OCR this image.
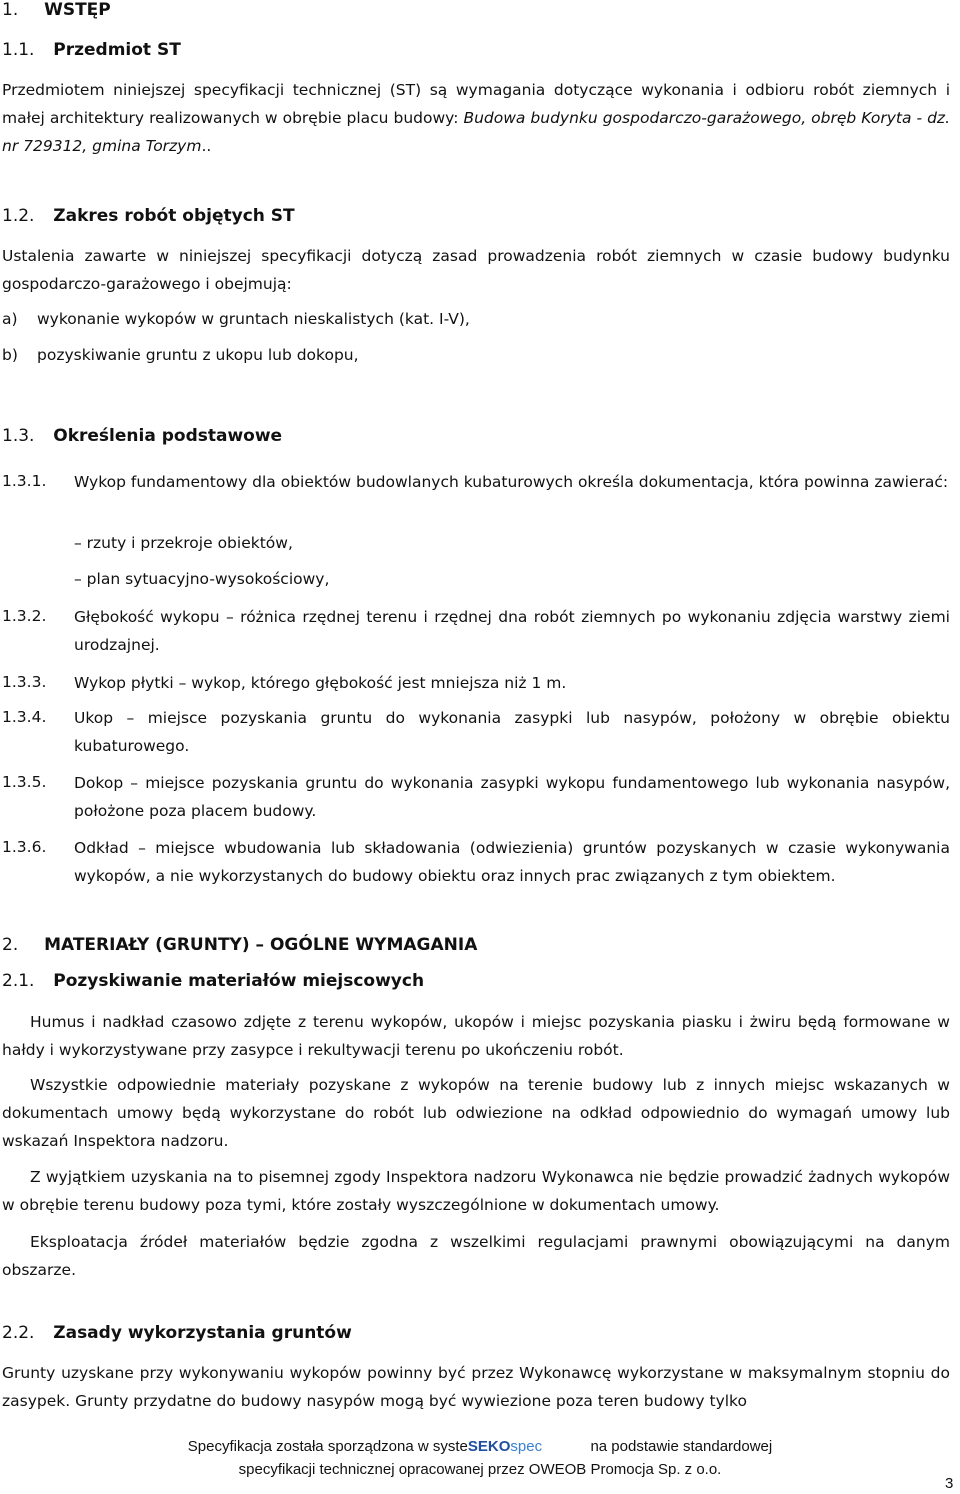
1. WSTĘP
1.1. Przedmiot ST
Przedmiotem niniejszej specyfikacji technicznej (ST) są wymagania dotyczące wykonania i odbioru robót ziemnych i małej architektury realizowanych w obrębie placu budowy: Budowa budynku gospodarczo-garażowego, obręb Koryta - dz. nr 729312, gmina Torzym..
1.2. Zakres robót objętych ST
Ustalenia zawarte w niniejszej specyfikacji dotyczą zasad prowadzenia robót ziemnych w czasie budowy budynku gospodarczo-garażowego i obejmują:
a) wykonanie wykopów w gruntach nieskalistych (kat. I-V),
b) pozyskiwanie gruntu z ukopu lub dokopu,
1.3. Określenia podstawowe
1.3.1. Wykop fundamentowy dla obiektów budowlanych kubaturowych określa dokumentacja, która powinna zawierać:
– rzuty i przekroje obiektów,
– plan sytuacyjno-wysokościowy,
1.3.2. Głębokość wykopu – różnica rzędnej terenu i rzędnej dna robót ziemnych po wykonaniu zdjęcia warstwy ziemi urodzajnej.
1.3.3. Wykop płytki – wykop, którego głębokość jest mniejsza niż 1 m.
1.3.4. Ukop – miejsce pozyskania gruntu do wykonania zasypki lub nasypów, położony w obrębie obiektu kubaturowego.
1.3.5. Dokop – miejsce pozyskania gruntu do wykonania zasypki wykopu fundamentowego lub wykonania nasypów, położone poza placem budowy.
1.3.6. Odkład – miejsce wbudowania lub składowania (odwiezienia) gruntów pozyskanych w czasie wykonywania wykopów, a nie wykorzystanych do budowy obiektu oraz innych prac związanych z tym obiektem.
2. MATERIAŁY (GRUNTY) – OGÓLNE WYMAGANIA
2.1. Pozyskiwanie materiałów miejscowych
Humus i nadkład czasowo zdjęte z terenu wykopów, ukopów i miejsc pozyskania piasku i żwiru będą formowane w hałdy i wykorzystywane przy zasypce i rekultywacji terenu po ukończeniu robót.
Wszystkie odpowiednie materiały pozyskane z wykopów na terenie budowy lub z innych miejsc wskazanych w dokumentach umowy będą wykorzystane do robót lub odwiezione na odkład odpowiednio do wymagań umowy lub wskazań Inspektora nadzoru.
Z wyjątkiem uzyskania na to pisemnej zgody Inspektora nadzoru Wykonawca nie będzie prowadzić żadnych wykopów w obrębie terenu budowy poza tymi, które zostały wyszczególnione w dokumentach umowy.
Eksploatacja źródeł materiałów będzie zgodna z wszelkimi regulacjami prawnymi obowiązującymi na danym obszarze.
2.2. Zasady wykorzystania gruntów
Grunty uzyskane przy wykonywaniu wykopów powinny być przez Wykonawcę wykorzystane w maksymalnym stopniu do zasypek. Grunty przydatne do budowy nasypów mogą być wywiezione poza teren budowy tylko
Specyfikacja została sporządzona w systeSEKOspec	na podstawie standardowej
specyfikacji technicznej opracowanej przez OWEOB Promocja Sp. z o.o.
3
